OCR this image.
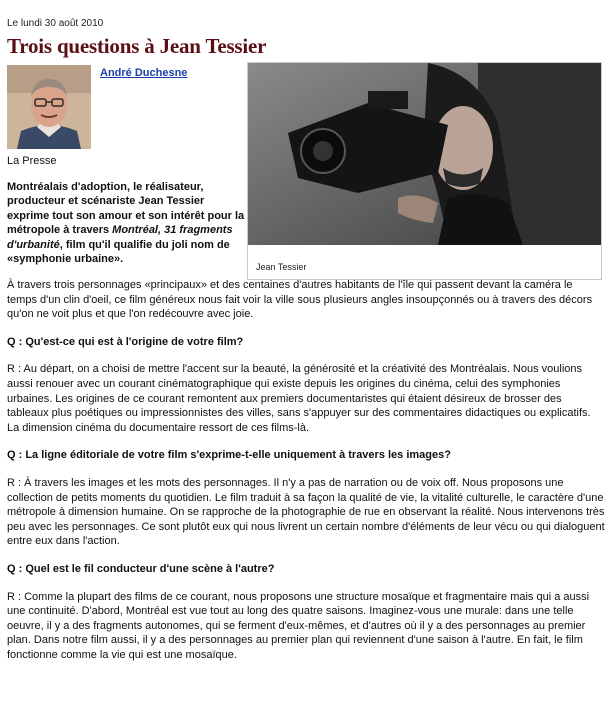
Le lundi 30 août 2010
Trois questions à Jean Tessier
André Duchesne
La Presse

Montréalais d'adoption, le réalisateur, producteur et scénariste Jean Tessier exprime tout son amour et son intérêt pour la métropole à travers Montréal, 31 fragments d'urbanité, film qu'il qualifie du joli nom de «symphonie urbaine».

Jean Tessier

À travers trois personnages «principaux» et des centaines d'autres habitants de l'île qui passent devant la caméra le temps d'un clin d'oeil, ce film généreux nous fait voir la ville sous plusieurs angles insoupçonnés ou à travers des décors qu'on ne voit plus et que l'on redécouvre avec joie.

Q : Qu'est-ce qui est à l'origine de votre film?

R : Au départ, on a choisi de mettre l'accent sur la beauté, la générosité et la créativité des Montréalais. Nous voulions aussi renouer avec un courant cinématographique qui existe depuis les origines du cinéma, celui des symphonies urbaines. Les origines de ce courant remontent aux premiers documentaristes qui étaient désireux de brosser des tableaux plus poétiques ou impressionnistes des villes, sans s'appuyer sur des commentaires didactiques ou explicatifs. La dimension cinéma du documentaire ressort de ces films-là.

Q : La ligne éditoriale de votre film s'exprime-t-elle uniquement à travers les images?

R : À travers les images et les mots des personnages. Il n'y a pas de narration ou de voix off. Nous proposons une collection de petits moments du quotidien. Le film traduit à sa façon la qualité de vie, la vitalité culturelle, le caractère d'une métropole à dimension humaine. On se rapproche de la photographie de rue en observant la réalité. Nous intervenons très peu avec les personnages. Ce sont plutôt eux qui nous livrent un certain nombre d'éléments de leur vécu ou qui dialoguent entre eux dans l'action.

Q : Quel est le fil conducteur d'une scène à l'autre?

R : Comme la plupart des films de ce courant, nous proposons une structure mosaïque et fragmentaire mais qui a aussi une continuité. D'abord, Montréal est vue tout au long des quatre saisons. Imaginez-vous une murale: dans une telle oeuvre, il y a des fragments autonomes, qui se ferment d'eux-mêmes, et d'autres où il y a des personnages au premier plan. Dans notre film aussi, il y a des personnages au premier plan qui reviennent d'une saison à l'autre. En fait, le film fonctionne comme la vie qui est une mosaïque.
